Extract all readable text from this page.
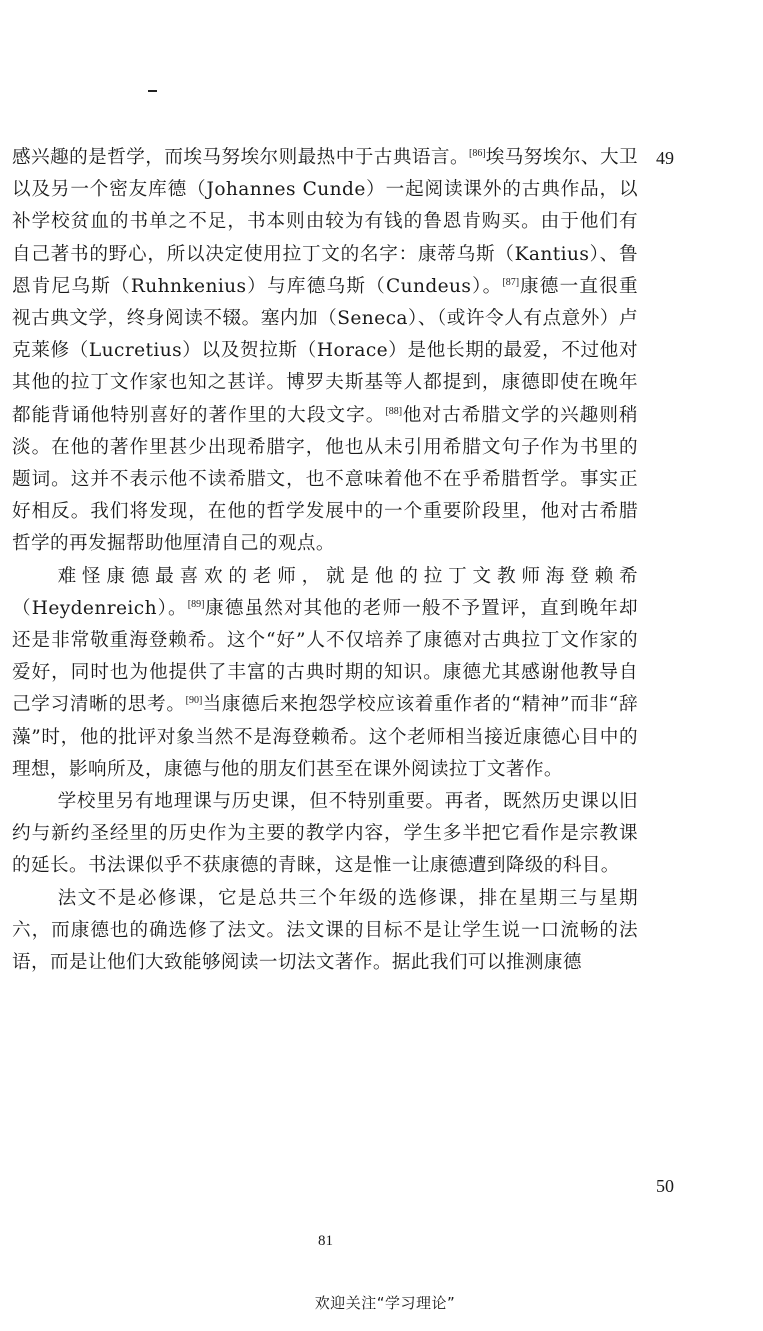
49
50

感兴趣的是哲学，而埃马努埃尔则最热中于古典语言。[86]埃马努埃尔、大卫以及另一个密友库德（Johannes Cunde）一起阅读课外的古典作品，以补学校贫血的书单之不足，书本则由较为有钱的鲁恩肯购买。由于他们有自己著书的野心，所以决定使用拉丁文的名字：康蒂乌斯（Kantius）、鲁恩肯尼乌斯（Ruhnkenius）与库德乌斯（Cundeus）。[87]康德一直很重视古典文学，终身阅读不辍。塞内加（Seneca）、（或许令人有点意外）卢克莱修（Lucretius）以及贺拉斯（Horace）是他长期的最爱，不过他对其他的拉丁文作家也知之甚详。博罗夫斯基等人都提到，康德即使在晚年都能背诵他特别喜好的著作里的大段文字。[88]他对古希腊文学的兴趣则稍淡。在他的著作里甚少出现希腊字，他也从未引用希腊文句子作为书里的题词。这并不表示他不读希腊文，也不意味着他不在乎希腊哲学。事实正好相反。我们将发现，在他的哲学发展中的一个重要阶段里，他对古希腊哲学的再发掘帮助他厘清自己的观点。

难怪康德最喜欢的老师，就是他的拉丁文教师海登赖希（Heydenreich）。[89]康德虽然对其他的老师一般不予置评，直到晚年却还是非常敬重海登赖希。这个“好”人不仅培养了康德对古典拉丁文作家的爱好，同时也为他提供了丰富的古典时期的知识。康德尤其感谢他教导自己学习清晰的思考。[90]当康德后来抱怨学校应该着重作者的“精神”而非“辞藻”时，他的批评对象当然不是海登赖希。这个老师相当接近康德心目中的理想，影响所及，康德与他的朋友们甚至在课外阅读拉丁文著作。

学校里另有地理课与历史课，但不特别重要。再者，既然历史课以旧约与新约圣经里的历史作为主要的教学内容，学生多半把它看作是宗教课的延长。书法课似乎不获康德的青睐，这是惟一让康德遭到降级的科目。

法文不是必修课，它是总共三个年级的选修课，排在星期三与星期六，而康德也的确选修了法文。法文课的目标不是让学生说一口流畅的法语，而是让他们大致能够阅读一切法文著作。据此我们可以推测康德

81
欢迎关注“学习理论”
